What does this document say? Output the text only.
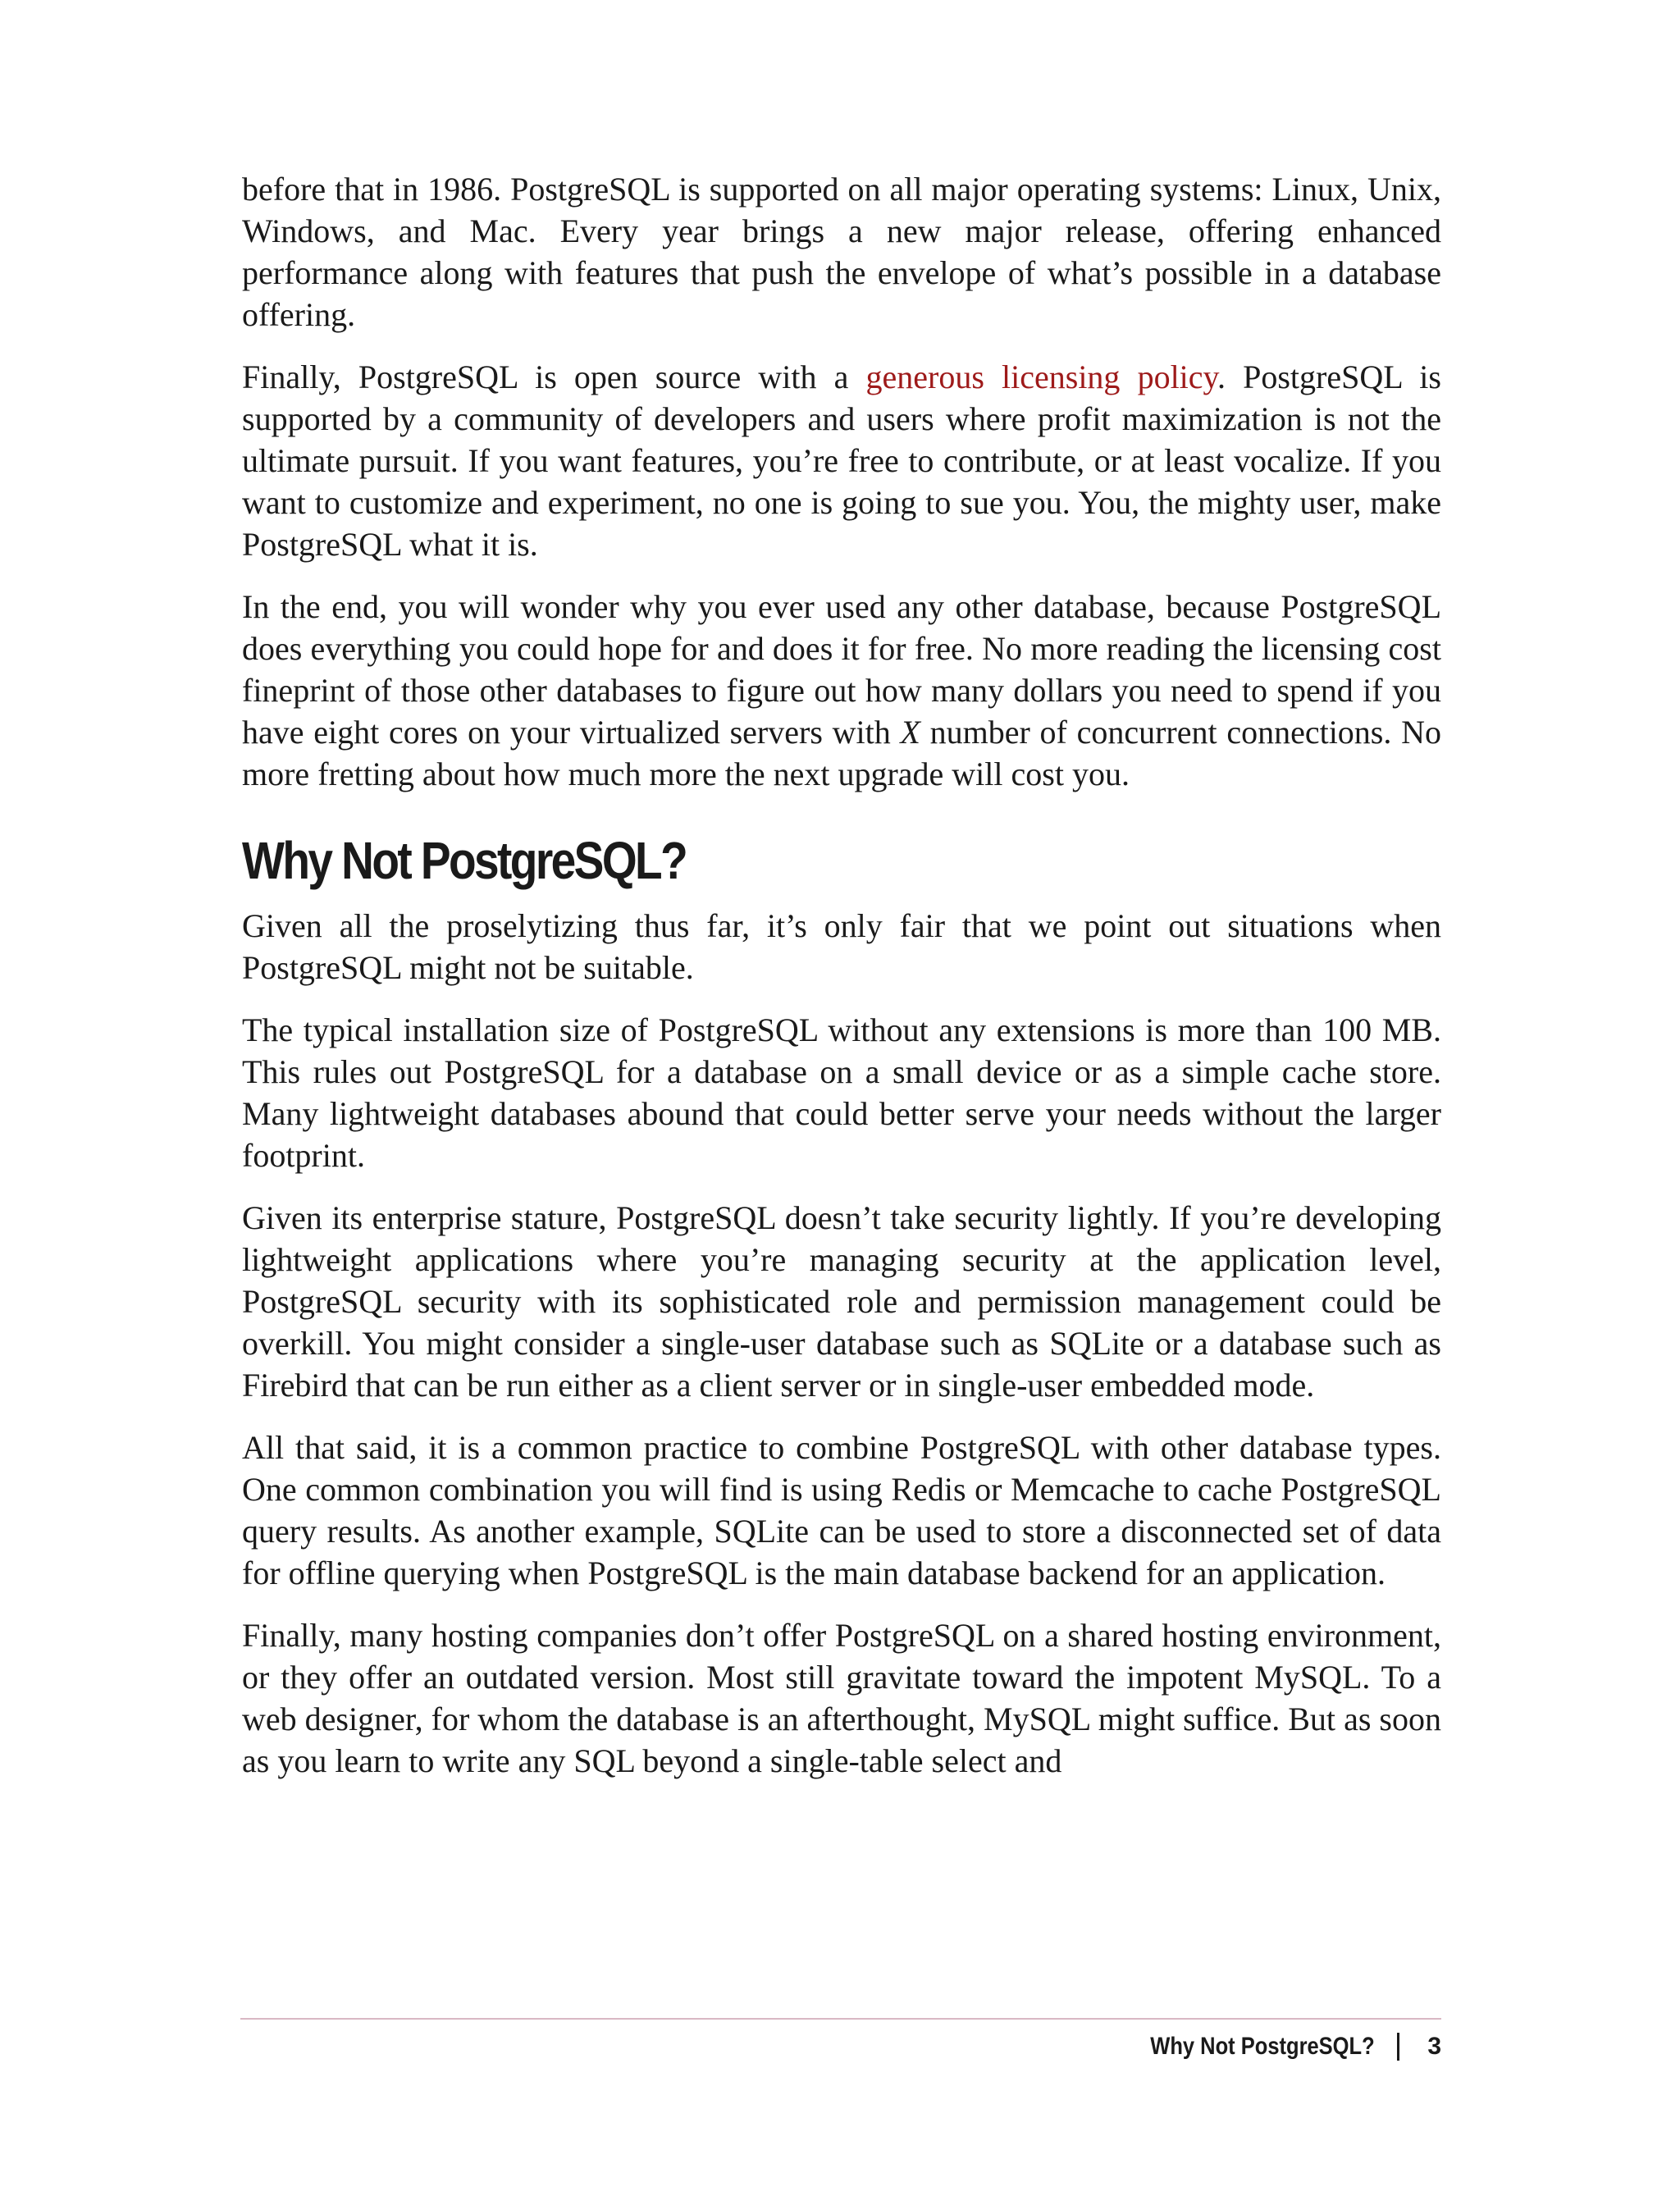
before that in 1986. PostgreSQL is supported on all major operating systems: Linux, Unix, Windows, and Mac. Every year brings a new major release, offering enhanced performance along with features that push the envelope of what’s possible in a database offering.

Finally, PostgreSQL is open source with a generous licensing policy. PostgreSQL is supported by a community of developers and users where profit maximization is not the ultimate pursuit. If you want features, you’re free to contribute, or at least vocalize. If you want to customize and experiment, no one is going to sue you. You, the mighty user, make PostgreSQL what it is.

In the end, you will wonder why you ever used any other database, because PostgreSQL does everything you could hope for and does it for free. No more reading the licensing cost fineprint of those other databases to figure out how many dollars you need to spend if you have eight cores on your virtualized servers with X number of concurrent connections. No more fretting about how much more the next upgrade will cost you.

Why Not PostgreSQL?

Given all the proselytizing thus far, it’s only fair that we point out situations when PostgreSQL might not be suitable.

The typical installation size of PostgreSQL without any extensions is more than 100 MB. This rules out PostgreSQL for a database on a small device or as a simple cache store. Many lightweight databases abound that could better serve your needs without the larger footprint.

Given its enterprise stature, PostgreSQL doesn’t take security lightly. If you’re developing lightweight applications where you’re managing security at the application level, PostgreSQL security with its sophisticated role and permission management could be overkill. You might consider a single-user database such as SQLite or a database such as Firebird that can be run either as a client server or in single-user embedded mode.

All that said, it is a common practice to combine PostgreSQL with other database types. One common combination you will find is using Redis or Memcache to cache PostgreSQL query results. As another example, SQLite can be used to store a disconnected set of data for offline querying when PostgreSQL is the main database backend for an application.

Finally, many hosting companies don’t offer PostgreSQL on a shared hosting environment, or they offer an outdated version. Most still gravitate toward the impotent MySQL. To a web designer, for whom the database is an afterthought, MySQL might suffice. But as soon as you learn to write any SQL beyond a single-table select and

Why Not PostgreSQL? 3
